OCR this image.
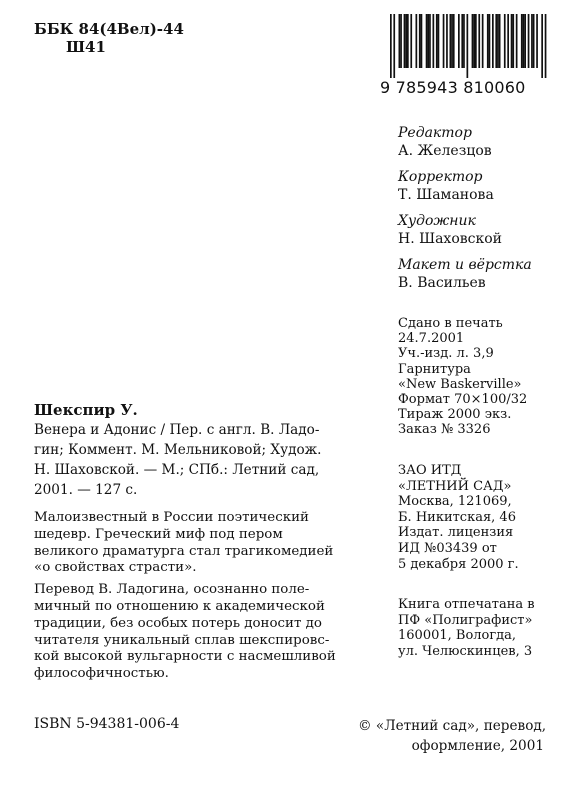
ББК 84(4Вел)-44
Ш41
9 785943 810060
Редактор
А. Железцов
Корректор
Т. Шаманова
Художник
Н. Шаховской
Макет и вёрстка
В. Васильев
Сдано в печать
24.7.2001
Уч.-изд. л. 3,9
Гарнитура
«New Baskerville»
Формат 70×100/32
Тираж 2000 экз.
Заказ № 3326
ЗАО ИТД
«ЛЕТНИЙ САД»
Москва, 121069,
Б. Никитская, 46
Издат. лицензия
ИД №03439 от
5 декабря 2000 г.
Книга отпечатана в
ПФ «Полиграфист»
160001, Вологда,
ул. Челюскинцев, 3
Шекспир У.
Венера и Адонис / Пер. с англ. В. Ладо-
гин; Коммент. М. Мельниковой; Худож.
Н. Шаховской. — М.; СПб.: Летний сад,
2001. — 127 с.
Малоизвестный в России поэтический
шедевр. Греческий миф под пером
великого драматурга стал трагикомедией
«о свойствах страсти».
Перевод В. Ладогина, осознанно поле-
мичный по отношению к академической
традиции, без особых потерь доносит до
читателя уникальный сплав шекспировс-
кой высокой вульгарности с насмешливой
философичностью.
ISBN 5-94381-006-4	© «Летний сад», перевод,
оформление, 2001
